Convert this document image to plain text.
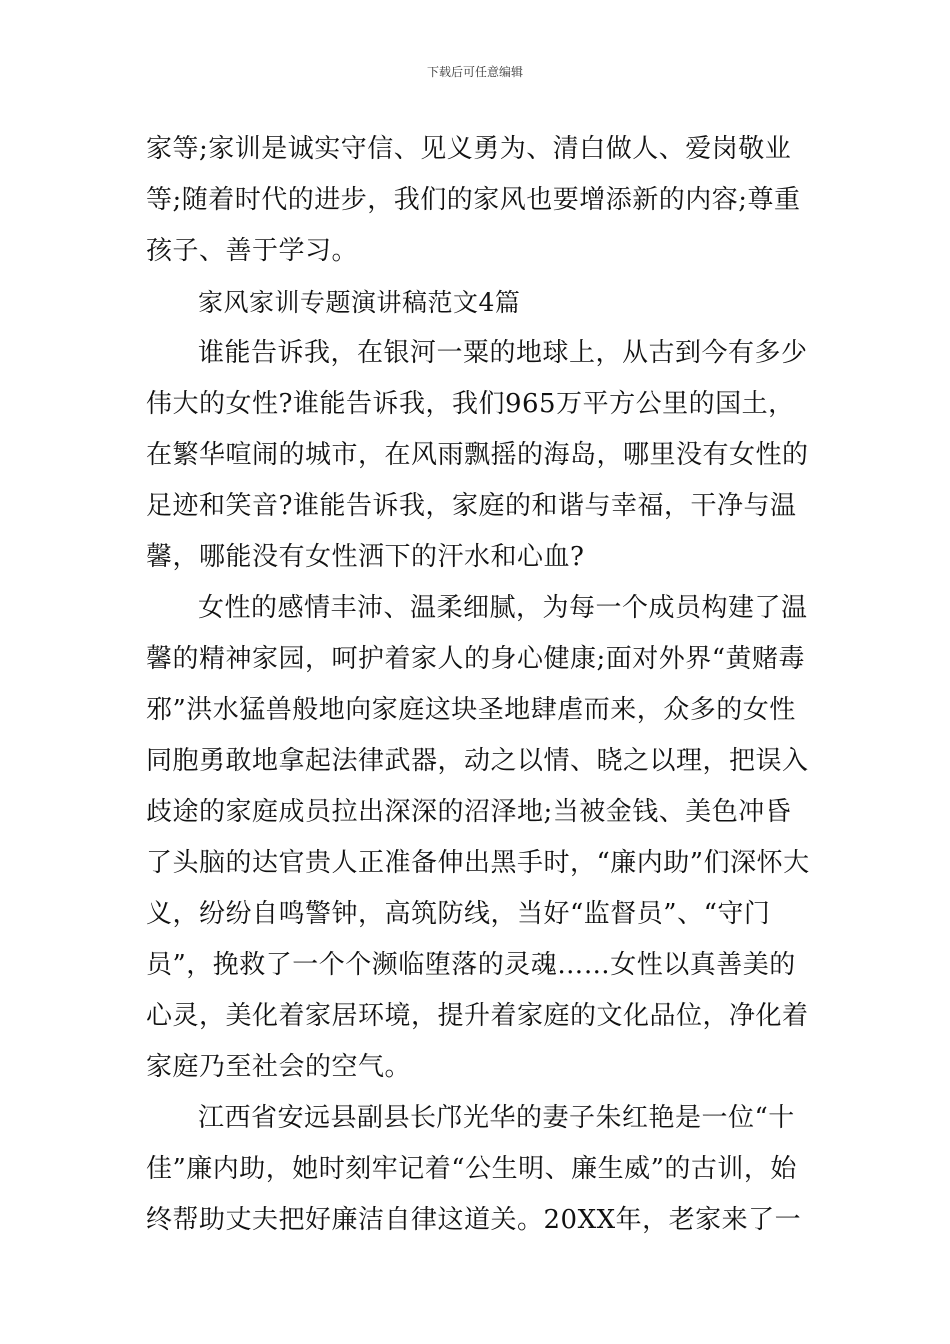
下载后可任意编辑

家等;家训是诚实守信、见义勇为、清白做人、爱岗敬业等;随着时代的进步，我们的家风也要增添新的内容;尊重孩子、善于学习。

家风家训专题演讲稿范文4篇

谁能告诉我，在银河一粟的地球上，从古到今有多少伟大的女性?谁能告诉我，我们965万平方公里的国土，在繁华喧闹的城市，在风雨飘摇的海岛，哪里没有女性的足迹和笑音?谁能告诉我，家庭的和谐与幸福，干净与温馨，哪能没有女性洒下的汗水和心血?

女性的感情丰沛、温柔细腻，为每一个成员构建了温馨的精神家园，呵护着家人的身心健康;面对外界“黄赌毒邪”洪水猛兽般地向家庭这块圣地肆虐而来，众多的女性同胞勇敢地拿起法律武器，动之以情、晓之以理，把误入歧途的家庭成员拉出深深的沼泽地;当被金钱、美色冲昏了头脑的达官贵人正准备伸出黑手时，“廉内助”们深怀大义，纷纷自鸣警钟，高筑防线，当好“监督员”、“守门员”，挽救了一个个濒临堕落的灵魂……女性以真善美的心灵，美化着家居环境，提升着家庭的文化品位，净化着家庭乃至社会的空气。

江西省安远县副县长邝光华的妻子朱红艳是一位“十佳”廉内助，她时刻牢记着“公生明、廉生威”的古训，始终帮助丈夫把好廉洁自律这道关。20XX年，老家来了一
